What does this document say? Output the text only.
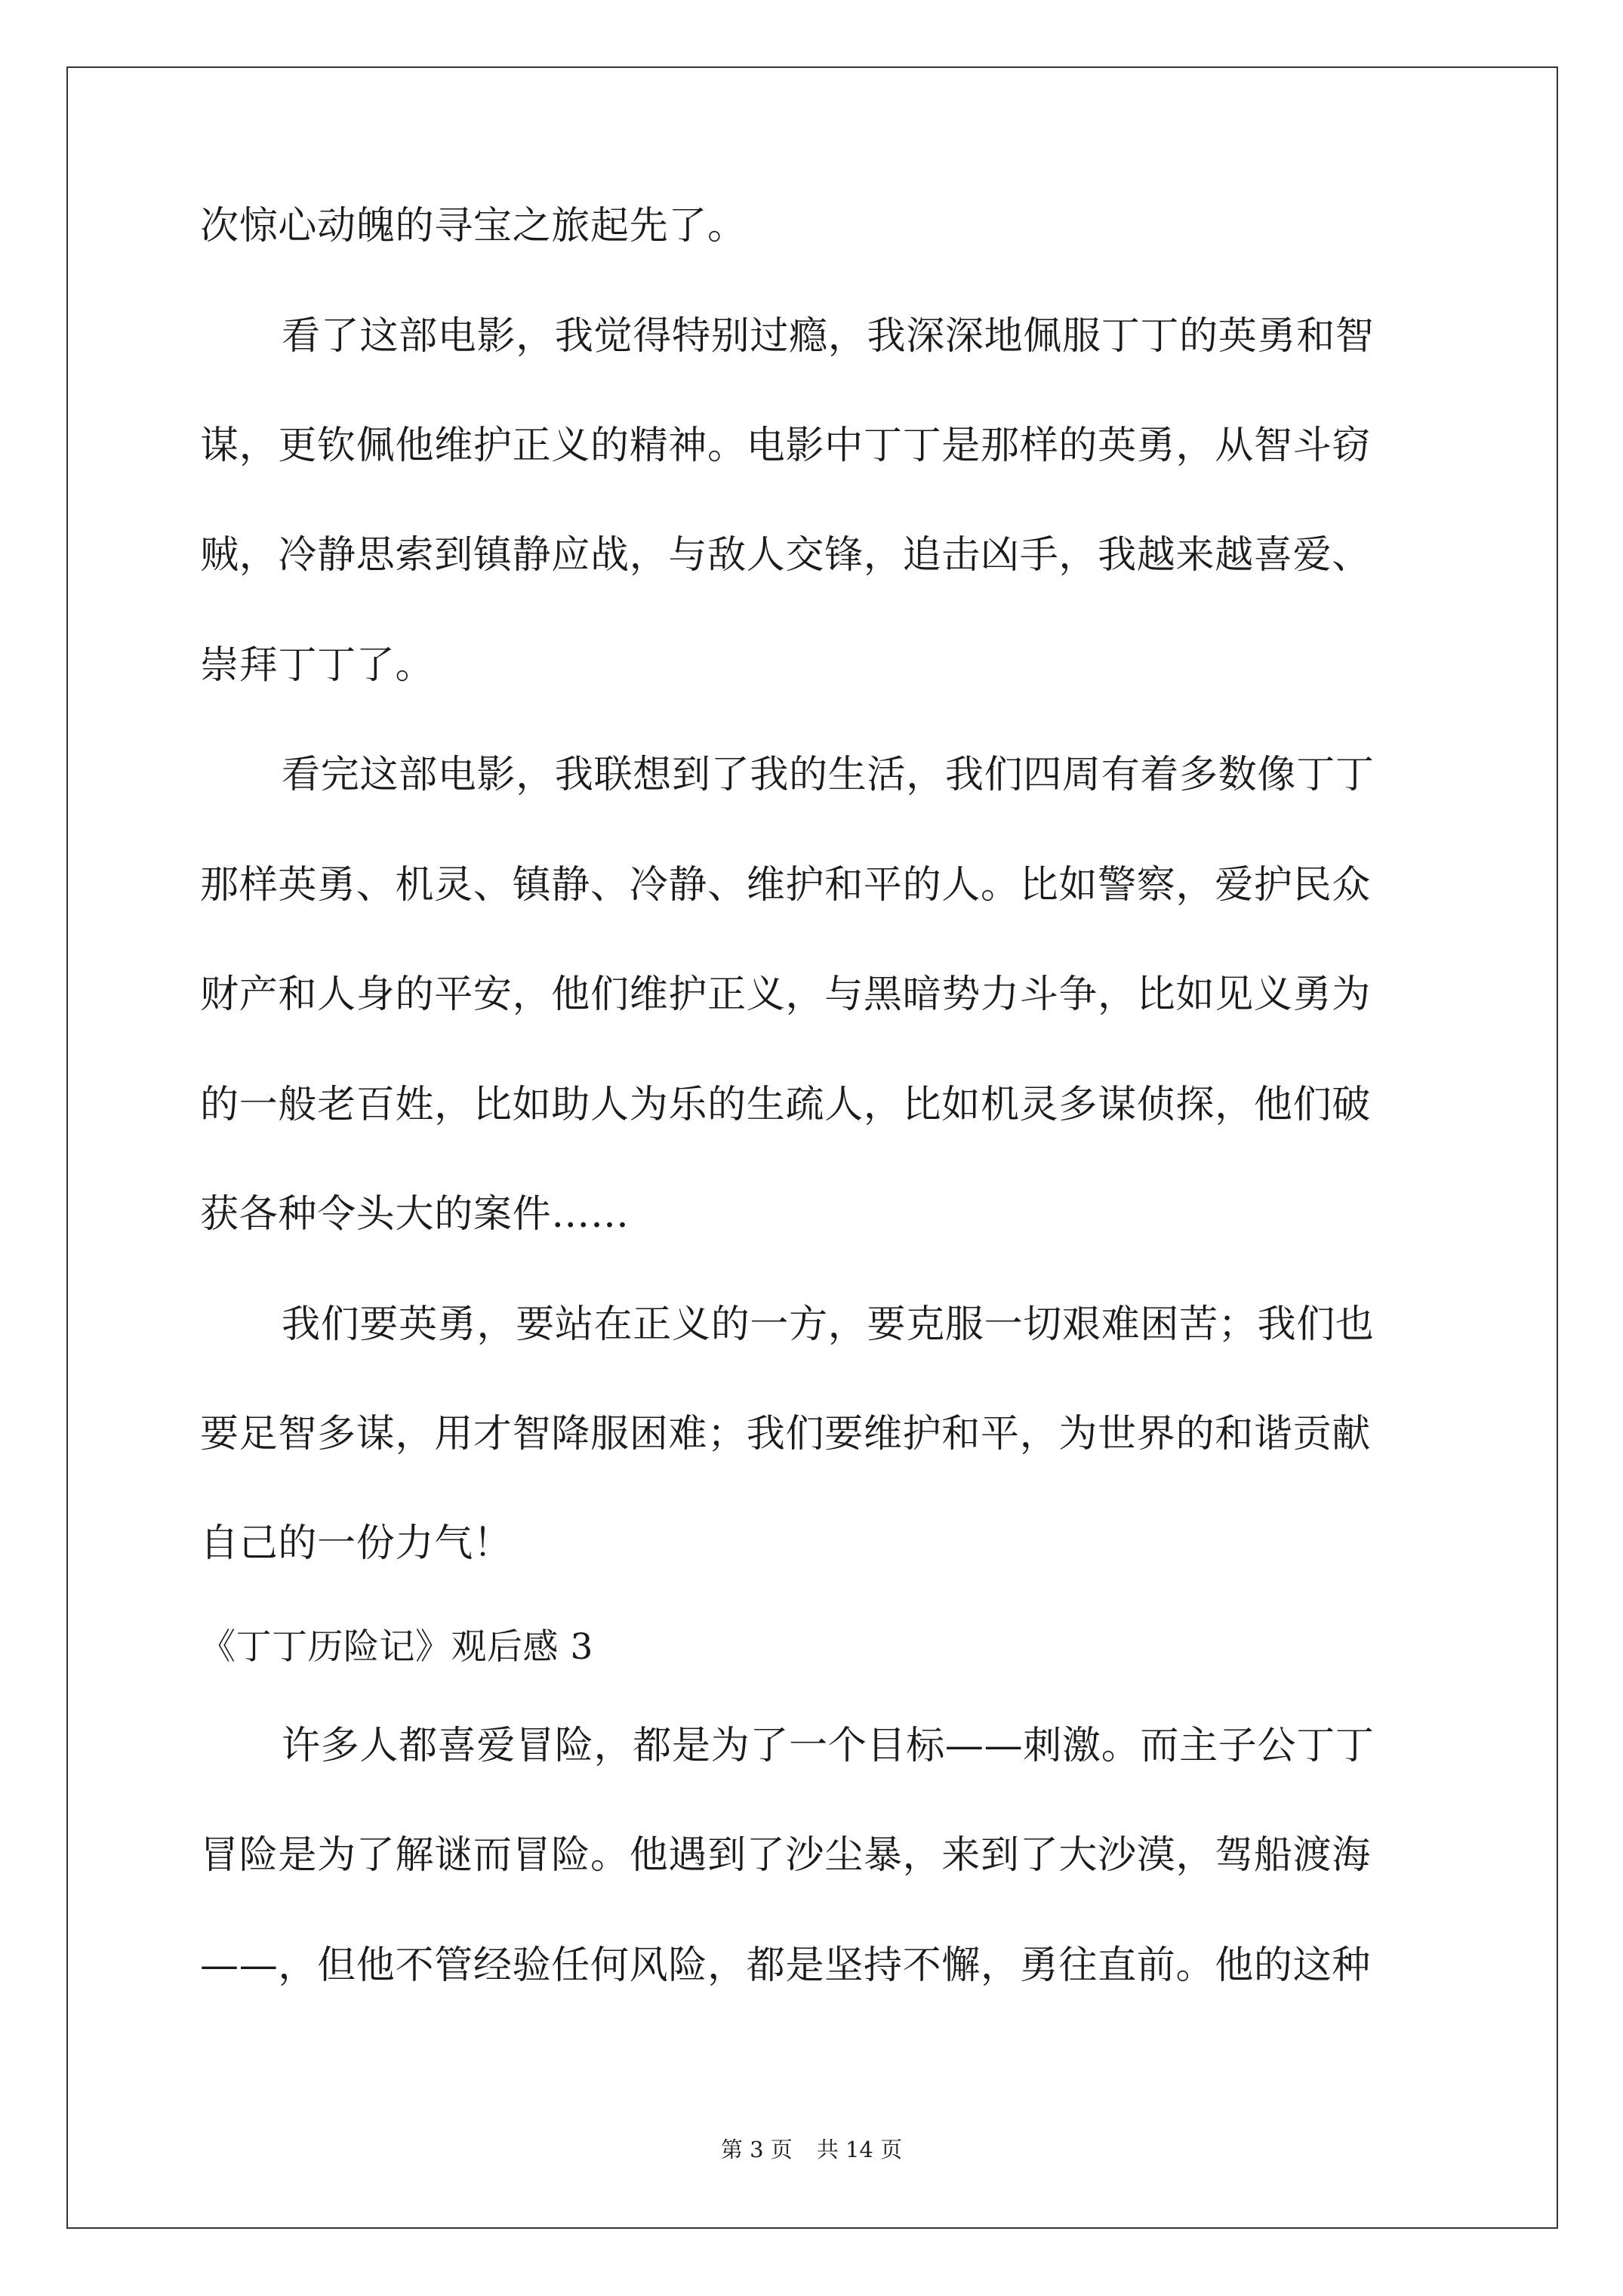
次惊心动魄的寻宝之旅起先了。
看了这部电影，我觉得特别过瘾，我深深地佩服丁丁的英勇和智
谋，更钦佩他维护正义的精神。电影中丁丁是那样的英勇，从智斗窃
贼，冷静思索到镇静应战，与敌人交锋，追击凶手，我越来越喜爱、
崇拜丁丁了。
看完这部电影，我联想到了我的生活，我们四周有着多数像丁丁
那样英勇、机灵、镇静、冷静、维护和平的人。比如警察，爱护民众
财产和人身的平安，他们维护正义，与黑暗势力斗争，比如见义勇为
的一般老百姓，比如助人为乐的生疏人，比如机灵多谋侦探，他们破
获各种令头大的案件……
我们要英勇，要站在正义的一方，要克服一切艰难困苦；我们也
要足智多谋，用才智降服困难；我们要维护和平，为世界的和谐贡献
自己的一份力气！
《丁丁历险记》观后感 3
许多人都喜爱冒险，都是为了一个目标——刺激。而主子公丁丁
冒险是为了解谜而冒险。他遇到了沙尘暴，来到了大沙漠，驾船渡海
——，但他不管经验任何风险，都是坚持不懈，勇往直前。他的这种
第 3 页 共 14 页
